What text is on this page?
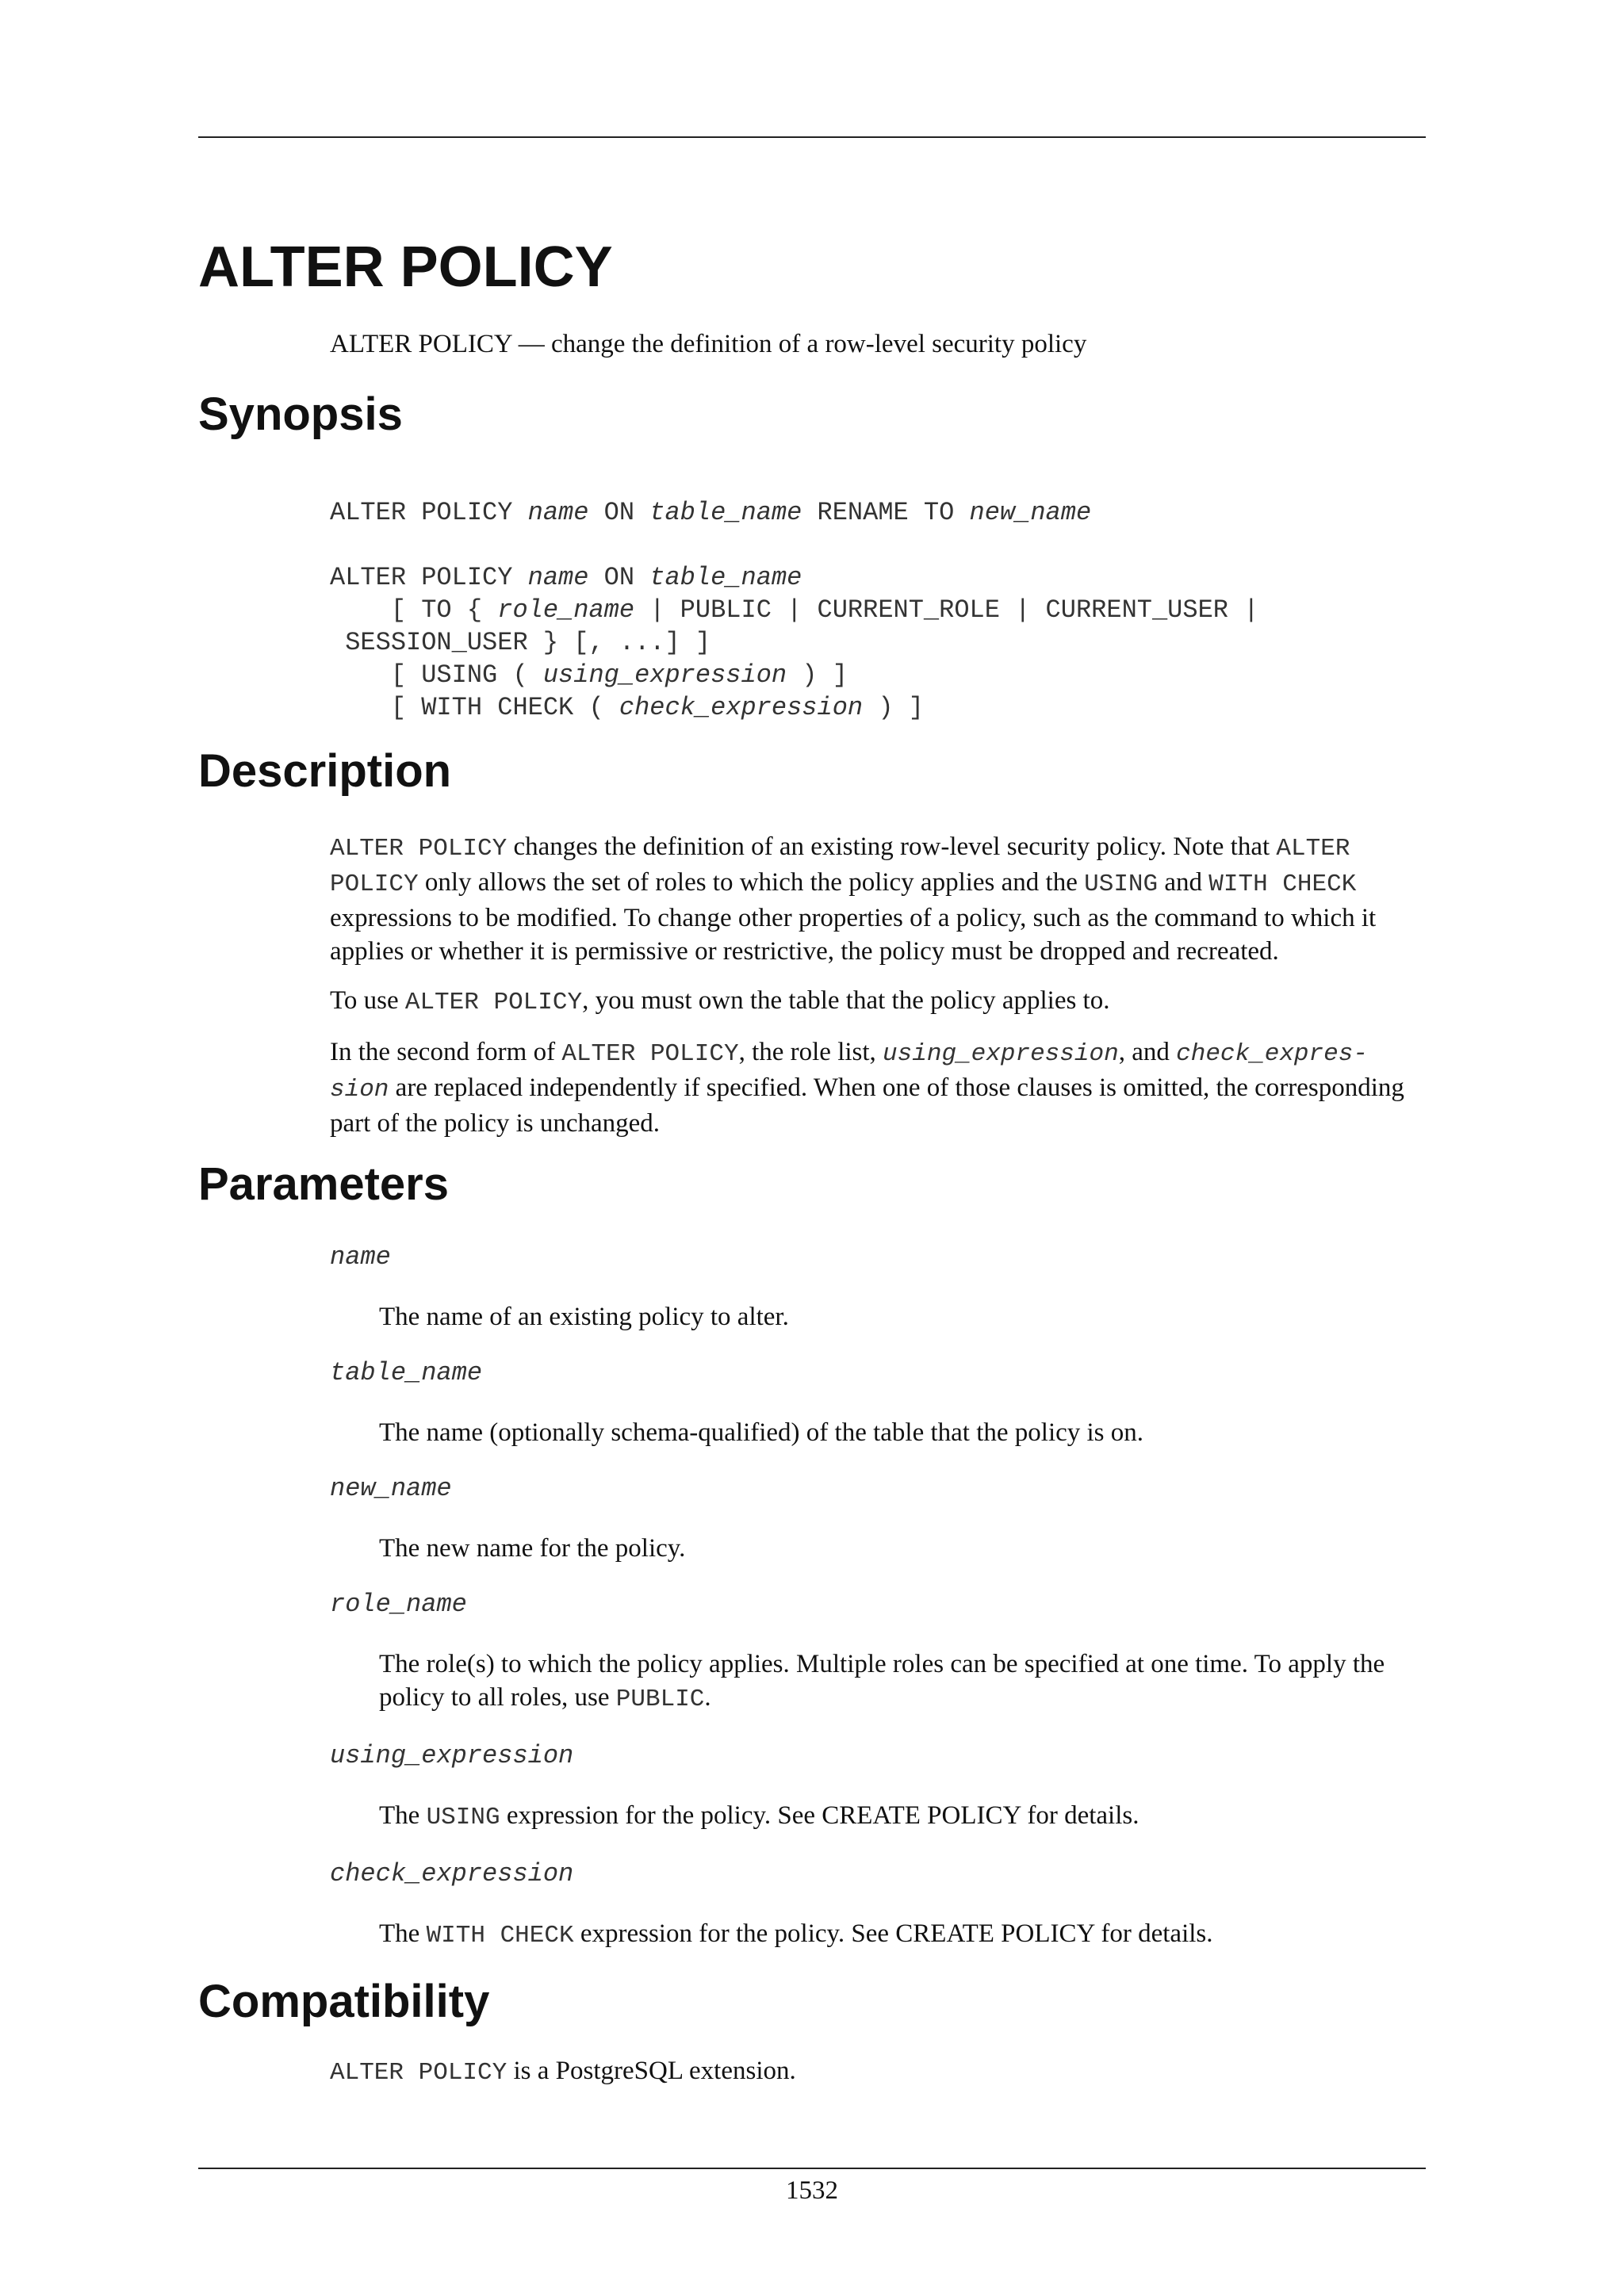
ALTER POLICY
ALTER POLICY — change the definition of a row-level security policy
Synopsis
ALTER POLICY name ON table_name RENAME TO new_name

ALTER POLICY name ON table_name
[ TO { role_name | PUBLIC | CURRENT_ROLE | CURRENT_USER |
SESSION_USER } [, ...] ]
[ USING ( using_expression ) ]
[ WITH CHECK ( check_expression ) ]
Description

ALTER POLICY changes the definition of an existing row-level security policy. Note that ALTER POLICY only allows the set of roles to which the policy applies and the USING and WITH CHECK expressions to be modified. To change other properties of a policy, such as the command to which it applies or whether it is permissive or restrictive, the policy must be dropped and recreated.

To use ALTER POLICY, you must own the table that the policy applies to.

In the second form of ALTER POLICY, the role list, using_expression, and check_expres-sion are replaced independently if specified. When one of those clauses is omitted, the corresponding part of the policy is unchanged.

Parameters
name
The name of an existing policy to alter.
table_name
The name (optionally schema-qualified) of the table that the policy is on.
new_name
The new name for the policy.
role_name
The role(s) to which the policy applies. Multiple roles can be specified at one time. To apply the policy to all roles, use PUBLIC.
using_expression
The USING expression for the policy. See CREATE POLICY for details.
check_expression
The WITH CHECK expression for the policy. See CREATE POLICY for details.
Compatibility

ALTER POLICY is a PostgreSQL extension.

1532
